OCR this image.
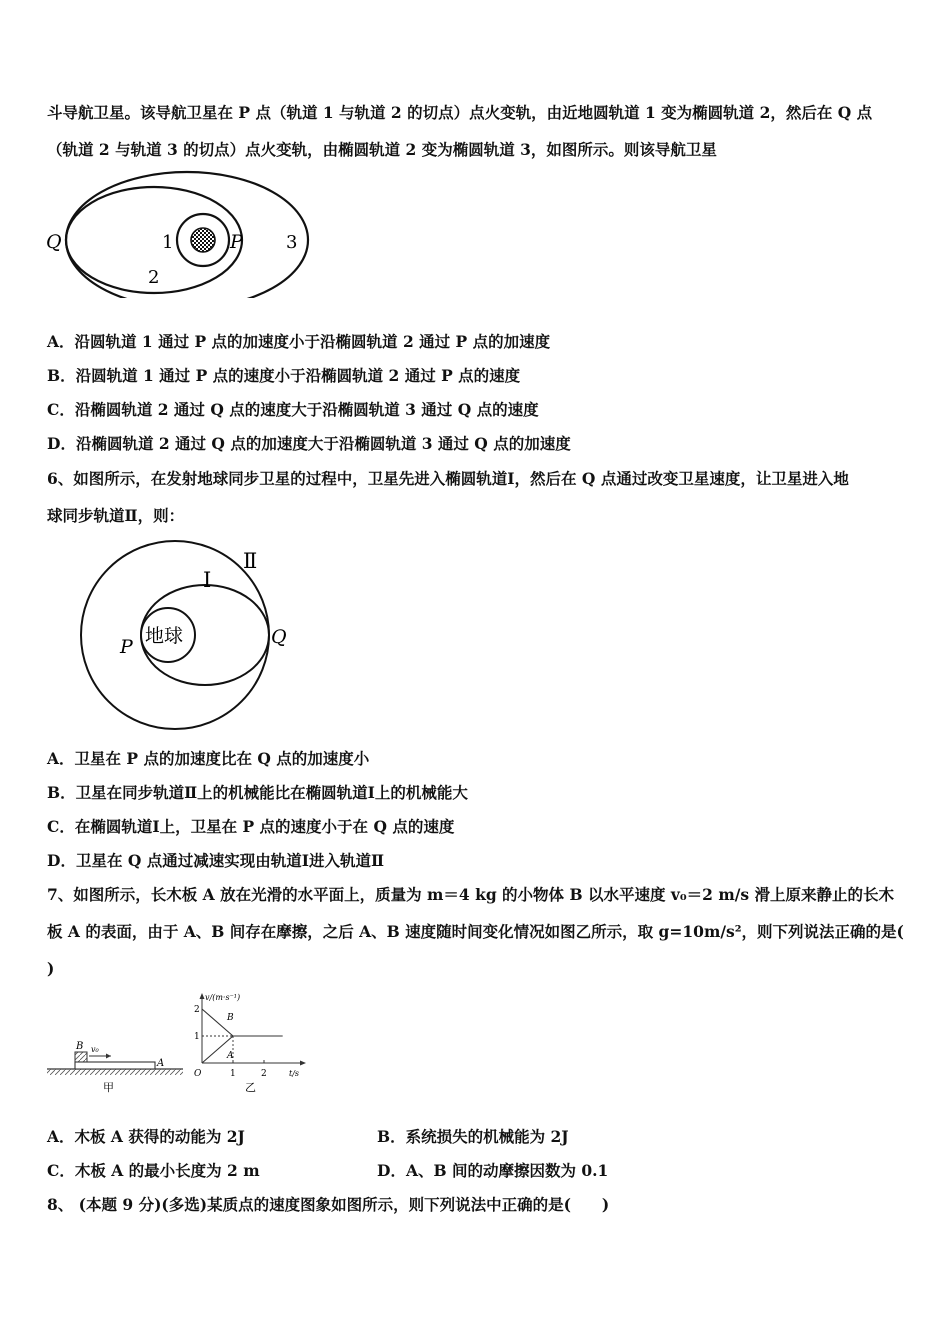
斗导航卫星。该导航卫星在 P 点（轨道 1 与轨道 2 的切点）点火变轨，由近地圆轨道 1 变为椭圆轨道 2，然后在 Q 点
（轨道 2 与轨道 3 的切点）点火变轨，由椭圆轨道 2 变为椭圆轨道 3，如图所示。则该导航卫星
Q	1	P 3
2
A．沿圆轨道 1 通过 P 点的加速度小于沿椭圆轨道 2 通过 P 点的加速度
B．沿圆轨道 1 通过 P 点的速度小于沿椭圆轨道 2 通过 P 点的速度
C．沿椭圆轨道 2 通过 Q 点的速度大于沿椭圆轨道 3 通过 Q 点的速度
D．沿椭圆轨道 2 通过 Q 点的加速度大于沿椭圆轨道 3 通过 Q 点的加速度
6、如图所示，在发射地球同步卫星的过程中，卫星先进入椭圆轨道Ⅰ，然后在 Q 点通过改变卫星速度，让卫星进入地
球同步轨道Ⅱ，则：
Ⅱ
Ⅰ
地球
P	Q
A．卫星在 P 点的加速度比在 Q 点的加速度小
B．卫星在同步轨道Ⅱ上的机械能比在椭圆轨道Ⅰ上的机械能大
C．在椭圆轨道Ⅰ上，卫星在 P 点的速度小于在 Q 点的速度
D．卫星在 Q 点通过减速实现由轨道Ⅰ进入轨道Ⅱ
7、如图所示，长木板 A 放在光滑的水平面上，质量为 m＝4 kg 的小物体 B 以水平速度 v₀＝2 m/s 滑上原来静止的长木
板 A 的表面，由于 A、B 间存在摩擦，之后 A、B 速度随时间变化情况如图乙所示，取 g=10m/s²，则下列说法正确的是(
)
B v₀
A
甲
v/(m·s⁻¹)
2
1
O	1	2	t/s
B
A
乙
A．木板 A 获得的动能为 2J	B．系统损失的机械能为 2J
C．木板 A 的最小长度为 2 m	D．A、B 间的动摩擦因数为 0.1
8、 (本题 9 分)(多选)某质点的速度图象如图所示，则下列说法中正确的是(　　)
